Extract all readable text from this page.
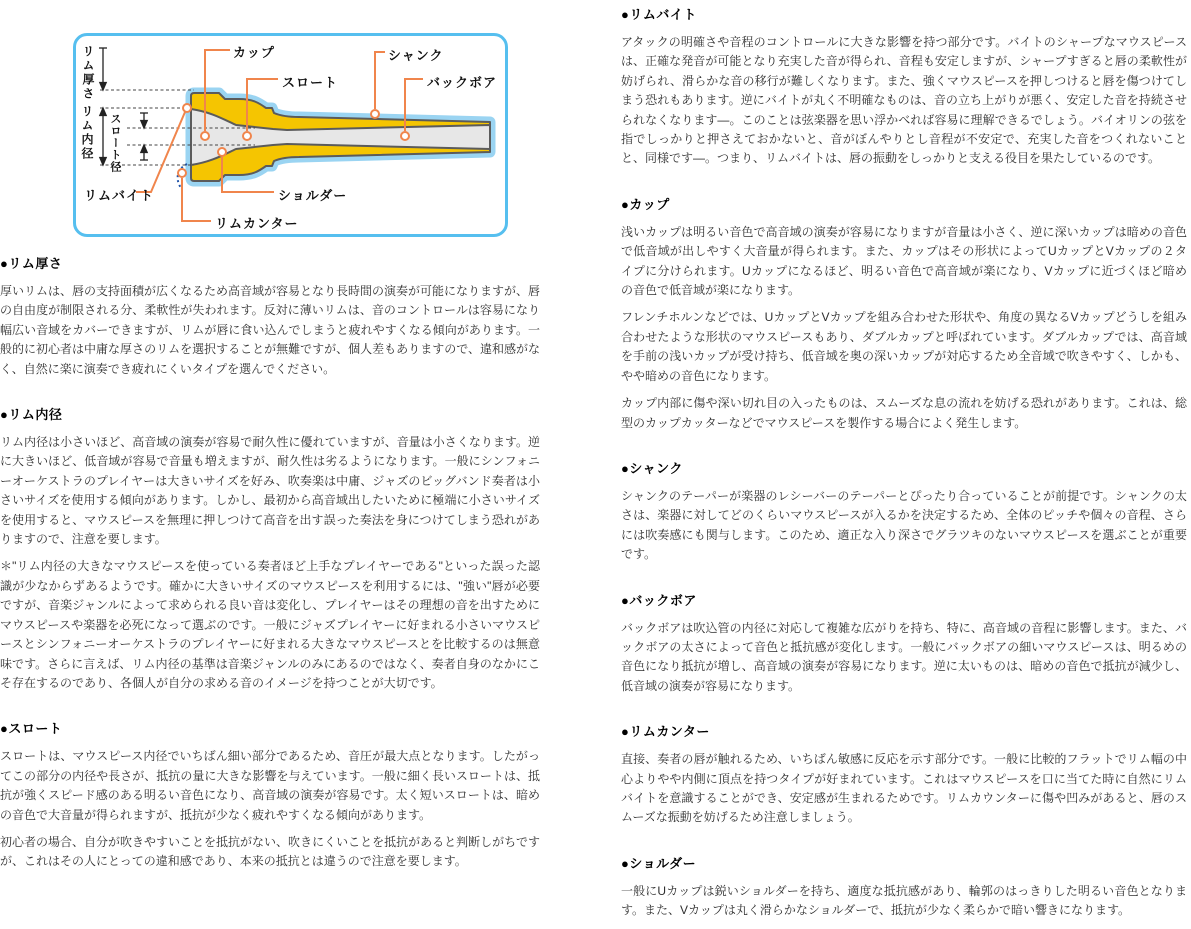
カップ
スロート
シャンク
バックボア
リムバイト	ショルダー
リムカンター
リム厚さ
リム内径 スロート径
●リム厚さ

厚いリムは、唇の支持面積が広くなるため高音域が容易となり長時間の演奏が可能になりますが、唇の自由度が制限される分、柔軟性が失われます。反対に薄いリムは、音のコントロールは容易になり幅広い音域をカバーできますが、リムが唇に食い込んでしまうと疲れやすくなる傾向があります。一般的に初心者は中庸な厚さのリムを選択することが無難ですが、個人差もありますので、違和感がなく、自然に楽に演奏でき疲れにくいタイプを選んでください。

●リム内径

リム内径は小さいほど、高音域の演奏が容易で耐久性に優れていますが、音量は小さくなります。逆に大きいほど、低音域が容易で音量も増えますが、耐久性は劣るようになります。一般にシンフォニーオーケストラのプレイヤーは大きいサイズを好み、吹奏楽は中庸、ジャズのビッグバンド奏者は小さいサイズを使用する傾向があります。しかし、最初から高音域出したいために極端に小さいサイズを使用すると、マウスピースを無理に押しつけて高音を出す誤った奏法を身につけてしまう恐れがありますので、注意を要します。

＊"リム内径の大きなマウスピースを使っている奏者ほど上手なプレイヤーである"といった誤った認識が少なからずあるようです。確かに大きいサイズのマウスピースを利用するには、"強い"唇が必要ですが、音楽ジャンルによって求められる良い音は変化し、プレイヤーはその理想の音を出すためにマウスピースや楽器を必死になって選ぶのです。一般にジャズプレイヤーに好まれる小さいマウスピースとシンフォニーオーケストラのプレイヤーに好まれる大きなマウスピースとを比較するのは無意味です。さらに言えば、リム内径の基準は音楽ジャンルのみにあるのではなく、奏者自身のなかにこそ存在するのであり、各個人が自分の求める音のイメージを持つことが大切です。

●スロート

スロートは、マウスピース内径でいちばん細い部分であるため、音圧が最大点となります。したがってこの部分の内径や長さが、抵抗の量に大きな影響を与えています。一般に細く長いスロートは、抵抗が強くスピード感のある明るい音色になり、高音域の演奏が容易です。太く短いスロートは、暗めの音色で大音量が得られますが、抵抗が少なく疲れやすくなる傾向があります。

初心者の場合、自分が吹きやすいことを抵抗がない、吹きにくいことを抵抗があると判断しがちですが、これはその人にとっての違和感であり、本来の抵抗とは違うので注意を要します。

●リムバイト

アタックの明確さや音程のコントロールに大きな影響を持つ部分です。バイトのシャープなマウスピースは、正確な発音が可能となり充実した音が得られ、音程も安定しますが、シャープすぎると唇の柔軟性が妨げられ、滑らかな音の移行が難しくなります。また、強くマウスピースを押しつけると唇を傷つけてしまう恐れもあります。逆にバイトが丸く不明確なものは、音の立ち上がりが悪く、安定した音を持続させられなくなります―。このことは弦楽器を思い浮かべれば容易に理解できるでしょう。バイオリンの弦を指でしっかりと押さえておかないと、音がぼんやりとし音程が不安定で、充実した音をつくれないことと、同様です―。つまり、リムバイトは、唇の振動をしっかりと支える役目を果たしているのです。

●カップ

浅いカップは明るい音色で高音域の演奏が容易になりますが音量は小さく、逆に深いカップは暗めの音色で低音域が出しやすく大音量が得られます。また、カップはその形状によってUカップとVカップの２タイプに分けられます。Uカップになるほど、明るい音色で高音域が楽になり、Vカップに近づくほど暗めの音色で低音域が楽になります。

フレンチホルンなどでは、UカップとVカップを組み合わせた形状や、角度の異なるVカップどうしを組み合わせたような形状のマウスピースもあり、ダブルカップと呼ばれています。ダブルカップでは、高音域を手前の浅いカップが受け持ち、低音域を奥の深いカップが対応するため全音域で吹きやすく、しかも、やや暗めの音色になります。

カップ内部に傷や深い切れ目の入ったものは、スムーズな息の流れを妨げる恐れがあります。これは、総型のカップカッターなどでマウスピースを製作する場合によく発生します。

●シャンク

シャンクのテーパーが楽器のレシーバーのテーパーとぴったり合っていることが前提です。シャンクの太さは、楽器に対してどのくらいマウスピースが入るかを決定するため、全体のピッチや個々の音程、さらには吹奏感にも関与します。このため、適正な入り深さでグラツキのないマウスピースを選ぶことが重要です。

●バックボア

バックボアは吹込管の内径に対応して複雑な広がりを持ち、特に、高音域の音程に影響します。また、バックボアの太さによって音色と抵抗感が変化します。一般にバックボアの細いマウスピースは、明るめの音色になり抵抗が増し、高音域の演奏が容易になります。逆に太いものは、暗めの音色で抵抗が減少し、低音域の演奏が容易になります。

●リムカンター

直接、奏者の唇が触れるため、いちばん敏感に反応を示す部分です。一般に比較的フラットでリム幅の中心よりやや内側に頂点を持つタイプが好まれています。これはマウスピースを口に当てた時に自然にリムバイトを意識することができ、安定感が生まれるためです。リムカウンターに傷や凹みがあると、唇のスムーズな振動を妨げるため注意しましょう。

●ショルダー

一般にUカップは鋭いショルダーを持ち、適度な抵抗感があり、輪郭のはっきりした明るい音色となります。また、Vカップは丸く滑らかなショルダーで、抵抗が少なく柔らかで暗い響きになります。
